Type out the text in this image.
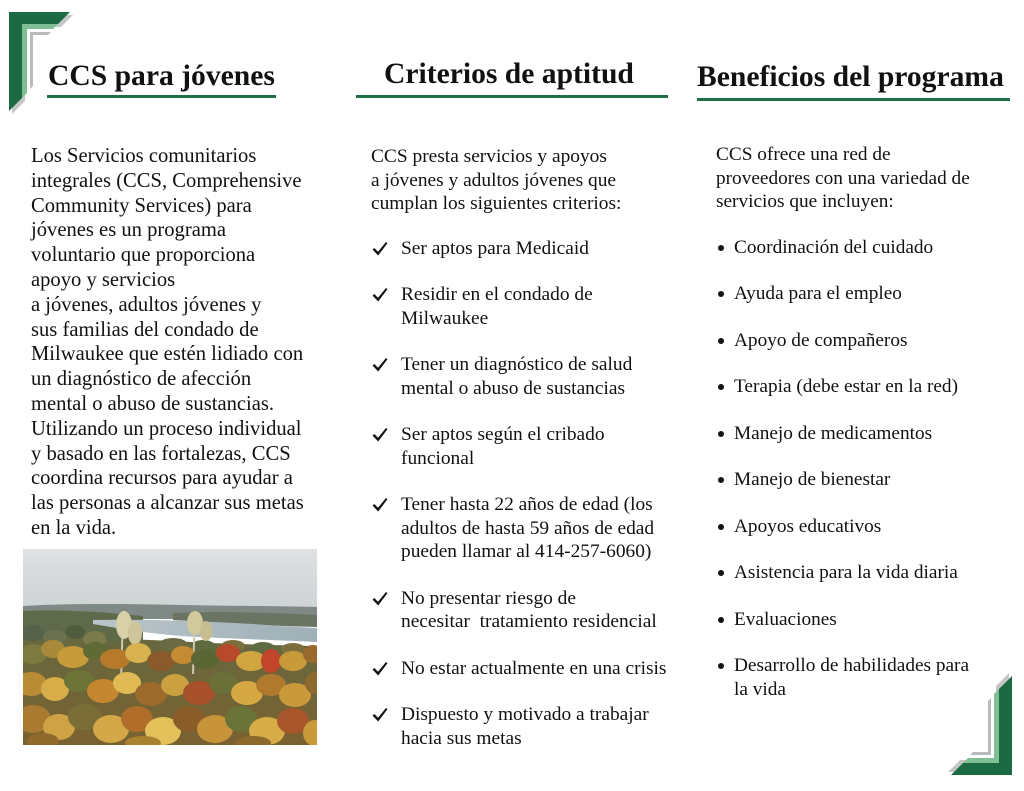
CCS para jóvenes	Criterios de aptitud Beneficios del programa
Los Servicios comunitarios
integrales (CCS, Comprehensive
Community Services) para
jóvenes es un programa
voluntario que proporciona
apoyo y servicios
a jóvenes, adultos jóvenes y
sus familias del condado de
Milwaukee que estén lidiado con
un diagnóstico de afección
mental o abuso de sustancias.
Utilizando un proceso individual
y basado en las fortalezas, CCS
coordina recursos para ayudar a
las personas a alcanzar sus metas
en la vida.

CCS presta servicios y apoyos
a jóvenes y adultos jóvenes que
cumplan los siguientes criterios:

Ser aptos para Medicaid
Residir en el condado de
Milwaukee
Tener un diagnóstico de salud
mental o abuso de sustancias
Ser aptos según el cribado
funcional
Tener hasta 22 años de edad (los
adultos de hasta 59 años de edad
pueden llamar al 414-257-6060)
No presentar riesgo de
necesitar  tratamiento residencial
No estar actualmente en una crisis
Dispuesto y motivado a trabajar
hacia sus metas

CCS ofrece una red de
proveedores con una variedad de
servicios que incluyen:

Coordinación del cuidado
Ayuda para el empleo
Apoyo de compañeros
Terapia (debe estar en la red)
Manejo de medicamentos
Manejo de bienestar
Apoyos educativos
Asistencia para la vida diaria
Evaluaciones
Desarrollo de habilidades para
la vida
